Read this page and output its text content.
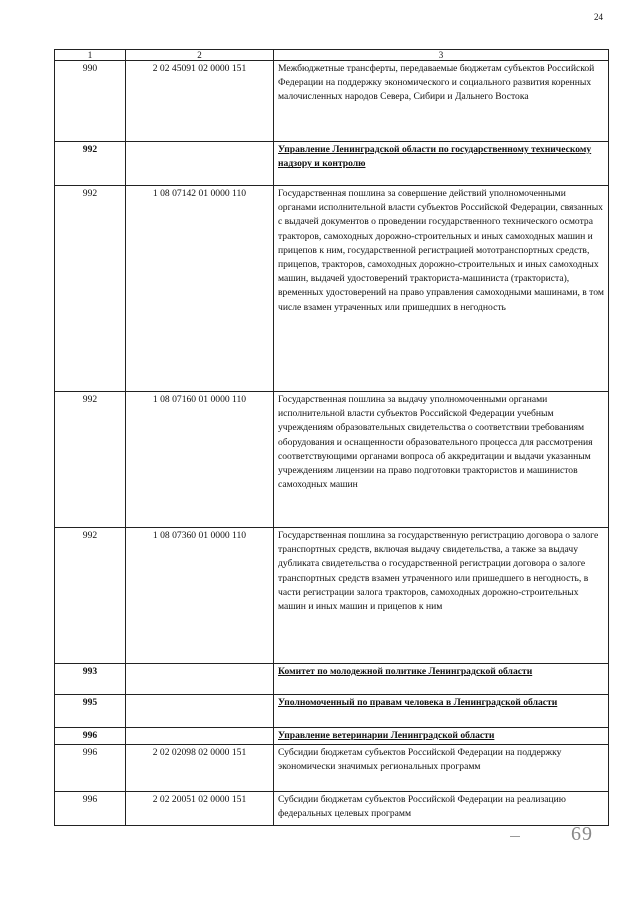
24
1	2	3
990	2 02 45091 02 0000 151	Межбюджетные трансферты, передаваемые бюджетам субъектов Российской Федерации на поддержку экономического и социального развития коренных малочисленных народов Севера, Сибири и Дальнего Востока
992		Управление Ленинградской области по государственному техническому надзору и контролю
992	1 08 07142 01 0000 110	Государственная пошлина за совершение действий уполномоченными органами исполнительной власти субъектов Российской Федерации, связанных с выдачей документов о проведении государственного технического осмотра тракторов, самоходных дорожно-строительных и иных самоходных машин и прицепов к ним, государственной регистрацией мототранспортных средств, прицепов, тракторов, самоходных дорожно-строительных и иных самоходных машин, выдачей удостоверений тракториста-машиниста (тракториста), временных удостоверений на право управления самоходными машинами, в том числе взамен утраченных или пришедших в негодность
992	1 08 07160 01 0000 110	Государственная пошлина за выдачу уполномоченными органами исполнительной власти субъектов Российской Федерации учебным учреждениям образовательных свидетельства о соответствии требованиям оборудования и оснащенности образовательного процесса для рассмотрения соответствующими органами вопроса об аккредитации и выдачи указанным учреждениям лицензии на право подготовки трактористов и машинистов самоходных машин
992	1 08 07360 01 0000 110	Государственная пошлина за государственную регистрацию договора о залоге транспортных средств, включая выдачу свидетельства, а также за выдачу дубликата свидетельства о государственной регистрации договора о залоге транспортных средств взамен утраченного или пришедшего в негодность, в части регистрации залога тракторов, самоходных дорожно-строительных машин и иных машин и прицепов к ним
993		Комитет по молодежной политике Ленинградской области
995		Уполномоченный по правам человека в Ленинградской области
996		Управление ветеринарии Ленинградской области
996	2 02 02098 02 0000 151	Субсидии бюджетам субъектов Российской Федерации на поддержку экономически значимых региональных программ
996	2 02 20051 02 0000 151	Субсидии бюджетам субъектов Российской Федерации на реализацию федеральных целевых программ
69
